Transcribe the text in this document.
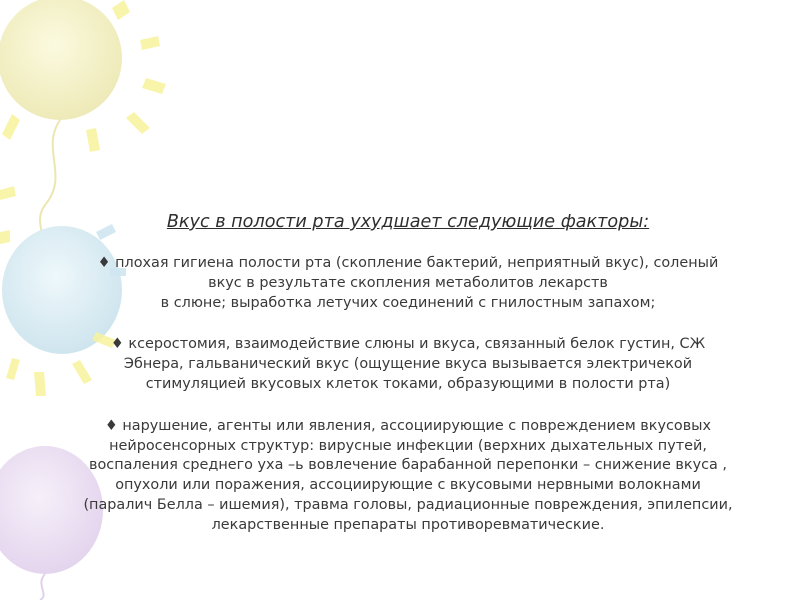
Вкус в полости рта ухудшает следующие факторы:

♦ плохая гигиена полости рта (скопление бактерий, неприятный вкус), соленый
вкус в результате скопления метаболитов лекарств
в слюне; выработка летучих соединений с гнилостным запахом;
♦ ксеростомия, взаимодействие слюны и вкуса, связанный белок густин, СЖ
Эбнера, гальванический вкус (ощущение вкуса вызывается электричекой
стимуляцией вкусовых клеток токами, образующими в полости рта)
♦ нарушение, агенты или явления, ассоциирующие с повреждением вкусовых
нейросенсорных структур: вирусные инфекции (верхних дыхательных путей,
воспаления среднего уха –ь вовлечение барабанной перепонки – снижение вкуса ,
опухоли или поражения, ассоциирующие с вкусовыми нервными волокнами
(паралич Белла – ишемия), травма головы, радиационные повреждения, эпилепсии,
лекарственные препараты противоревматические.
